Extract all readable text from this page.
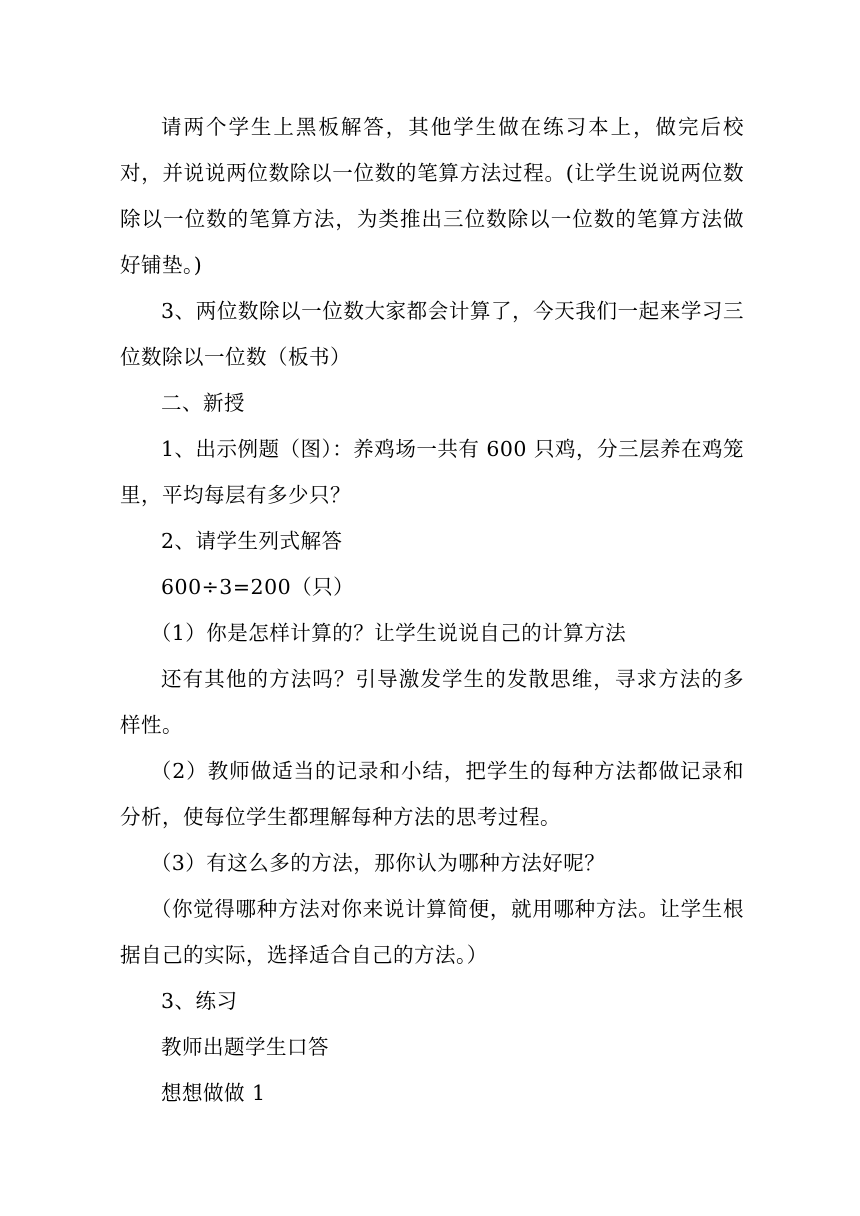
请两个学生上黑板解答，其他学生做在练习本上，做完后校对，并说说两位数除以一位数的笔算方法过程。(让学生说说两位数除以一位数的笔算方法，为类推出三位数除以一位数的笔算方法做好铺垫。)

3、两位数除以一位数大家都会计算了，今天我们一起来学习三位数除以一位数（板书）

二、新授

1、出示例题（图）：养鸡场一共有 600 只鸡，分三层养在鸡笼里，平均每层有多少只？

2、请学生列式解答

600÷3=200（只）

（1）你是怎样计算的？让学生说说自己的计算方法

还有其他的方法吗？引导激发学生的发散思维，寻求方法的多样性。

（2）教师做适当的记录和小结，把学生的每种方法都做记录和分析，使每位学生都理解每种方法的思考过程。

（3）有这么多的方法，那你认为哪种方法好呢？

（你觉得哪种方法对你来说计算简便，就用哪种方法。让学生根据自己的实际，选择适合自己的方法。）

3、练习

教师出题学生口答

想想做做 1
